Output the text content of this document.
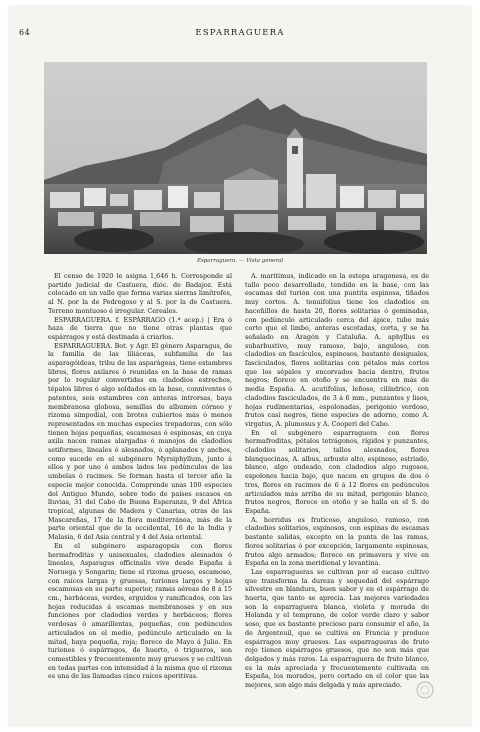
64	ESPARRAGUERA
Esparraguera. — Vista general

El censo de 1920 le asigna 1,646 h. Corresponde al partido judicial de Castuera, dióc. de Badajoz. Está colocado en un valle que forma varias sierras limítrofes, al N. por la de Pedregoso y al S. por la de Castuera. Terreno montuoso é irregular. Cereales.

ESPARRAGUERA. f. ESPÁRRAGO (1.ª acep.) | Era ó haza de tierra que no tiene otras plantas que espárragos y está destinada á criarlos.

ESPARRAGUERA. Bot. y Agr. El género Asparagus, de la familia de las liliáceas, subfamilia de las asparagóideas, tribu de las asparágeas, tiene estambres libres, flores axilares ó reunidas en la base de ramas por lo regular convertidas en cladodios estrechos, tépalos libres ó algo soldados en la base, conniventes ó patentes, seis estambres con anteras introrsas, baya membranosa globosa, semillas de albumen córneo y rizoma simpodial, con brotes cubiertos más ó menos representados en muchas especies trepadoras, con sólo tienen hojas pequeñas, escamosas ó espinosas, en cuya axila nacen ramas alargadas ó manojos de cladodios setiformes, lineales ó alesnados, ó aplanados y anchos, como sucede en el subgénero Myrsiphyllum, junto á ellos y por uno ó ambos lados los pedúnculos de las umbelas ó racimos. Se forman hasta el tercer año la especie mejor conocida. Comprende unas 100 especies del Antiguo Mundo, sobre todo de países escasos en lluvias, 31 del Cabo de Buena Esperanza, 9 del África tropical, algunas de Madera y Canarias, otras de las Mascareñas, 17 de la flora mediterránea, más de la parte oriental que de la occidental, 16 de la India y Malasia, 6 del Asia central y 4 del Asia oriental.

En el subgénero asparagopsis con flores hermafroditas y unisexuales, cladodios alesnados ó lineales, Asparagus officinalis vive desde España á Noruega y Songarin; tiene el rizoma grueso, escamoso, con raíces largas y gruesas, turiones largos y hojas escamosas en su parte superior, ramas aéreas de 8 á 15 cm., herbáceas, verdes, erguidos y ramificados, con las hojas reducidas á escamas membranosas y en sus funciones por cladodios verdes y herbáceos; flores verdosas ó amarillentas, pequeñas, con pedúnculos articulados en el medio, pedúnculo articulado en la mitad, baya pequeña, roja; florece de Mayo á Julio. En turiones ó espárragos, de huerto, ó trigueros, son comestibles y frecuentemente muy gruesos y se cultivan en todas partes con intensidad á la misma que el rizoma es una de las llamadas cinco raíces aperitivas.

A. maritimus, indicado en la estepa aragonesa, es de tallo poco desarrollado, tendido en la base, con las escamas del turión con una puntita espinosa, tiñados muy cortos. A. tenuifolius tiene los cladodios en haceñillos de hasta 20, flores solitarias ó geminadas, con pedúnculo articulado cerca del ápice, tubo más corto que el limbo, anteras escotadas, corta, y se ha señalado en Aragón y Cataluña. A. aphyllus es subarbustivo, muy ramoso, bajo, anguloso, con cladodios en fascículos, espinosos, bastante desiguales, fasciculados, flores solitarias con pétalos más cortos que los sépalos y encorvados hacia dentro, frutos negros; florece en otoño y se encuentra en más de media España. A. acutifolius, leñoso, cilíndrico, con cladodios fasciculados, de 3 á 6 mm., punzantes y lisos, hojas rudimentarias, espolonadas, perigonio verdoso, frutos casi negros, tiene especies de adorno, como A. virgatus, A. plumosus y A. Cooperi del Cabo.

En el subgénero esparraguera con flores hermafroditas, pétalos tetrágonos, rígidos y punzantes, cladodios solitarios, tallos alesnados, flores blanquecinas, A. albus, arbusto alto, espinoso, estriado, blanco, algo ondeado, con cladodios algo rugosos, espolones hacia bajo, que nacen en grupos de dos ó tres, flores en racimos de 6 á 12 flores en pedúnculos articulados más arriba de su mitad, perigonio blanco, frutos negros, florece en otoño y se halla en el S. de España.

A. horridus es fruticoso, anguloso, ramoso, con cladodios solitarios, espinosos, con espinas de escamas bastante salidas, excepto en la punta de las ramas, flores solitarias ó por excepción, largamente espinosas, frutos algo armados; florece en primavera y vive en España en la zona meridional y levantina.

Las esparragueras se cultivan por el escaso cultivo que transforma la dureza y sequedad del espárrago silvestre en blandura, buen sabor y en el espárrago de huerta, que tanto se aprecia. Las mejores variedades son la esparraguera blanca, violeta y morada de Holanda y el temprano, de color verde claro y sabor soso, que es bastante precioso para consumir el año, la de Argenteuil, que se cultiva en Francia y produce espárragos muy gruesos. Las esparragueras de fruto rojo tienen espárragos gruesos, que no son más que delgados y más raros. La esparraguera de fruto blanco, es la más apreciada y frecuentemente cultivada en España, los morados, pero cortado en el color que las mejores, son algo más delgada y más apreciado.
